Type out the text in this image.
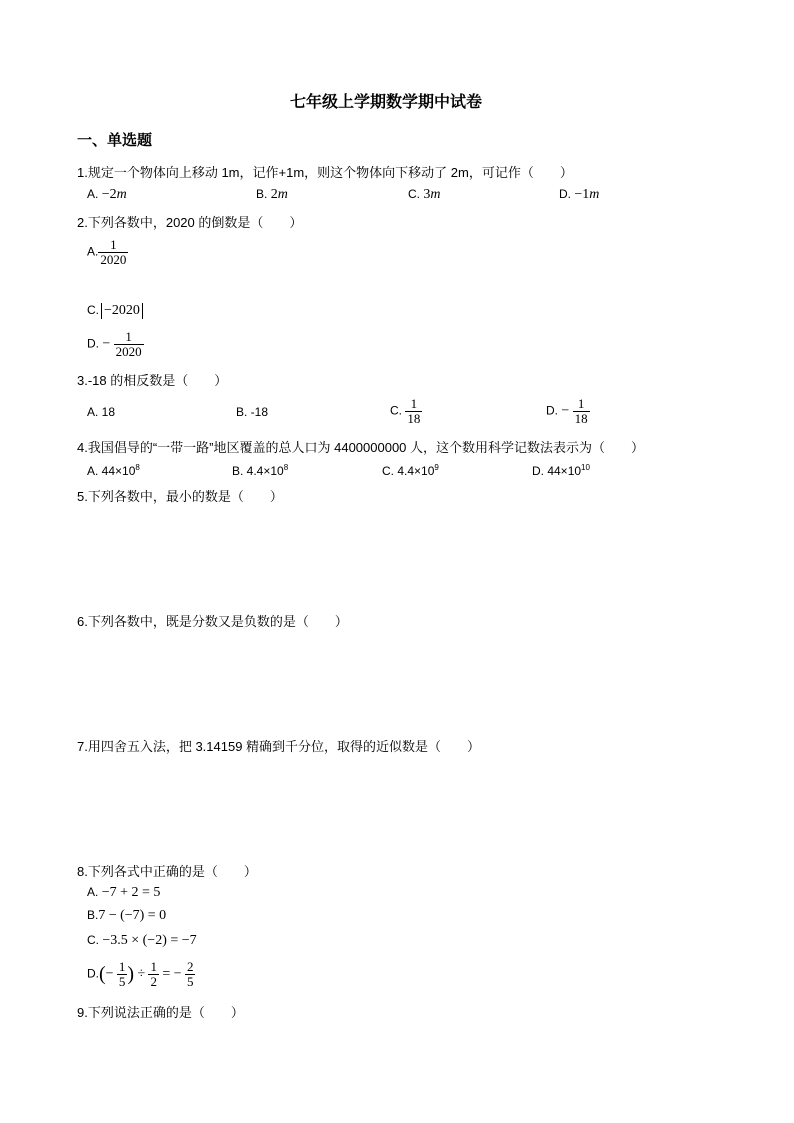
七年级上学期数学期中试卷
一、单选题
1.规定一个物体向上移动 1m，记作+1m，则这个物体向下移动了 2m，可记作（　　）
A. −2m	B. 2m	C. 3m	D. −1m
2.下列各数中，2020 的倒数是（　　）
A. $\frac{1}{2020}$
C. −2020
D. − $\frac{1}{2020}$
3.-18 的相反数是（　　）
A. 18	B. -18	C. $\frac{1}{18}$	D. − $\frac{1}{18}$
4.我国倡导的“一带一路”地区覆盖的总人口为 4400000000 人，这个数用科学记数法表示为（　　）
A. $44\times 10^8$	B. $4.4\times 10^8$	C. $4.4\times 10^9$	D. $44\times 10^{10}$
5.下列各数中，最小的数是（　　）
6.下列各数中，既是分数又是负数的是（　　）
7.用四舍五入法，把 3.14159 精确到千分位，取得的近似数是（　　）
8.下列各式中正确的是（　　）
A. −7 + 2 = 5
B.7 − (−7) = 0
C. −3.5 × (−2) = −7
$D.(- \frac{1}{5}$ ) ÷ $\frac{1}{2}$ = − $\frac{2}{5}$
9.下列说法正确的是（　　）
